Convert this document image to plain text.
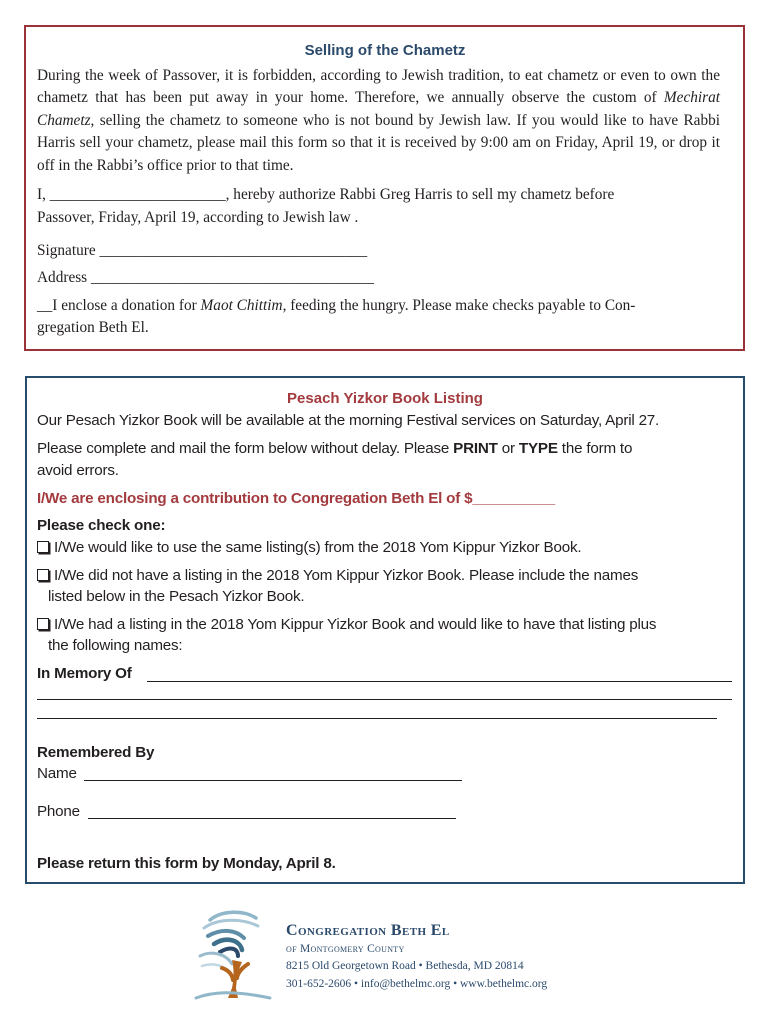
Selling of the Chametz
During the week of Passover, it is forbidden, according to Jewish tradition, to eat chametz or even to own the chametz that has been put away in your home. Therefore, we annually observe the custom of Mechirat Chametz, selling the chametz to someone who is not bound by Jewish law. If you would like to have Rabbi Harris sell your chametz, please mail this form so that it is received by 9:00 am on Friday, April 19, or drop it off in the Rabbi’s office prior to that time.
I, _______________________, hereby authorize Rabbi Greg Harris to sell my chametz before
Passover, Friday, April 19, according to Jewish law .
Signature ___________________________________
Address _____________________________________
__I enclose a donation for Maot Chittim, feeding the hungry. Please make checks payable to Con-
gregation Beth El.
Pesach Yizkor Book Listing
Our Pesach Yizkor Book will be available at the morning Festival services on Saturday, April 27.
Please complete and mail the form below without delay. Please PRINT or TYPE the form to
avoid errors.
I/We are enclosing a contribution to Congregation Beth El of $__________
Please check one:
I/We would like to use the same listing(s) from the 2018 Yom Kippur Yizkor Book.
I/We did not have a listing in the 2018 Yom Kippur Yizkor Book. Please include the names
listed below in the Pesach Yizkor Book.
I/We had a listing in the 2018 Yom Kippur Yizkor Book and would like to have that listing plus
the following names:
In Memory Of
Remembered By
Name
Phone
Please return this form by Monday, April 8.
Congregation Beth El
of Montgomery County
8215 Old Georgetown Road • Bethesda, MD 20814
301-652-2606 • info@bethelmc.org • www.bethelmc.org
